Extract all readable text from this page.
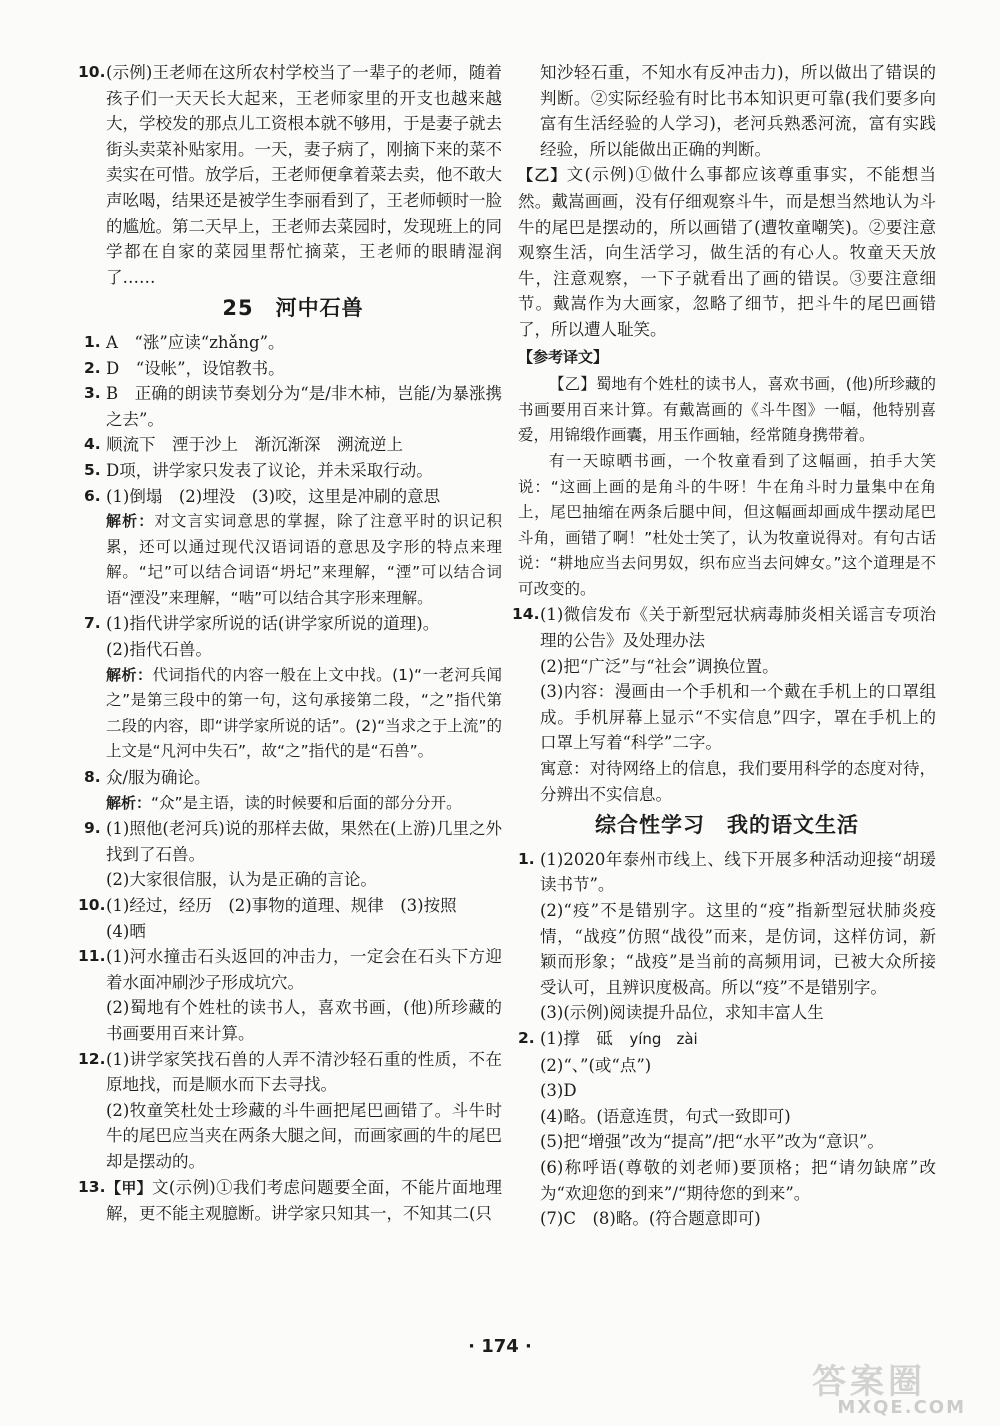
10. (示例)王老师在这所农村学校当了一辈子的老师，随着孩子们一天天长大起来，王老师家里的开支也越来越大，学校发的那点儿工资根本就不够用，于是妻子就去街头卖菜补贴家用。一天，妻子病了，刚摘下来的菜不卖实在可惜。放学后，王老师便拿着菜去卖，他不敢大声吆喝，结果还是被学生李丽看到了，王老师顿时一脸的尴尬。第二天早上，王老师去菜园时，发现班上的同学都在自家的菜园里帮忙摘菜，王老师的眼睛湿润了……

25　河中石兽

1. A　“涨”应读“zhǎng”。

2. D　“设帐”，设馆教书。

3. B　正确的朗读节奏划分为“是/非木柿，岂能/为暴涨携之去”。

4. 顺流下　湮于沙上　渐沉渐深　溯流逆上

5. D项，讲学家只发表了议论，并未采取行动。

6. (1)倒塌　(2)埋没　(3)咬，这里是冲刷的意思

解析：对文言实词意思的掌握，除了注意平时的识记积累，还可以通过现代汉语词语的意思及字形的特点来理解。“圮”可以结合词语“坍圮”来理解，“湮”可以结合词语“湮没”来理解，“啮”可以结合其字形来理解。

7. (1)指代讲学家所说的话(讲学家所说的道理)。

(2)指代石兽。

解析：代词指代的内容一般在上文中找。(1)“一老河兵闻之”是第三段中的第一句，这句承接第二段，“之”指代第二段的内容，即“讲学家所说的话”。(2)“当求之于上流”的上文是“凡河中失石”，故“之”指代的是“石兽”。

8. 众/服为确论。

解析：“众”是主语，读的时候要和后面的部分分开。

9. (1)照他(老河兵)说的那样去做，果然在(上游)几里之外找到了石兽。

(2)大家很信服，认为是正确的言论。

10. (1)经过，经历　(2)事物的道理、规律　(3)按照

(4)晒

11. (1)河水撞击石头返回的冲击力，一定会在石头下方迎着水面冲刷沙子形成坑穴。

(2)蜀地有个姓杜的读书人，喜欢书画，(他)所珍藏的书画要用百来计算。

12. (1)讲学家笑找石兽的人弄不清沙轻石重的性质，不在原地找，而是顺水而下去寻找。

(2)牧童笑杜处士珍藏的斗牛画把尾巴画错了。斗牛时牛的尾巴应当夹在两条大腿之间，而画家画的牛的尾巴却是摆动的。

13. 【甲】文(示例)①我们考虑问题要全面，不能片面地理解，更不能主观臆断。讲学家只知其一，不知其二(只

知沙轻石重，不知水有反冲击力)，所以做出了错误的判断。②实际经验有时比书本知识更可靠(我们要多向富有生活经验的人学习)，老河兵熟悉河流，富有实践经验，所以能做出正确的判断。

【乙】文(示例)①做什么事都应该尊重事实，不能想当然。戴嵩画画，没有仔细观察斗牛，而是想当然地认为斗牛的尾巴是摆动的，所以画错了(遭牧童嘲笑)。②要注意观察生活，向生活学习，做生活的有心人。牧童天天放牛，注意观察，一下子就看出了画的错误。③要注意细节。戴嵩作为大画家，忽略了细节，把斗牛的尾巴画错了，所以遭人耻笑。

【参考译文】

【乙】蜀地有个姓杜的读书人，喜欢书画，(他)所珍藏的书画要用百来计算。有戴嵩画的《斗牛图》一幅，他特别喜爱，用锦缎作画囊，用玉作画轴，经常随身携带着。

有一天晾晒书画，一个牧童看到了这幅画，拍手大笑说：“这画上画的是角斗的牛呀！牛在角斗时力量集中在角上，尾巴抽缩在两条后腿中间，但这幅画却画成牛摆动尾巴斗角，画错了啊！”杜处士笑了，认为牧童说得对。有句古话说：“耕地应当去问男奴，织布应当去问婢女。”这个道理是不可改变的。

14. (1)微信发布《关于新型冠状病毒肺炎相关谣言专项治理的公告》及处理办法

(2)把“广泛”与“社会”调换位置。

(3)内容：漫画由一个手机和一个戴在手机上的口罩组成。手机屏幕上显示“不实信息”四字，罩在手机上的口罩上写着“科学”二字。

寓意：对待网络上的信息，我们要用科学的态度对待，分辨出不实信息。

综合性学习　我的语文生活

1. (1)2020年泰州市线上、线下开展多种活动迎接“胡瑗读书节”。

(2)“疫”不是错别字。这里的“疫”指新型冠状肺炎疫情，“战疫”仿照“战役”而来，是仿词，这样仿词，新颖而形象；“战疫”是当前的高频用词，已被大众所接受认可，且辨识度极高。所以“疫”不是错别字。

(3)(示例)阅读提升品位，求知丰富人生

2. (1)撑　砥　yíng　zài

(2)“、”(或“点”)

(3)D

(4)略。(语意连贯，句式一致即可)

(5)把“增强”改为“提高”/把“水平”改为“意识”。

(6)称呼语(尊敬的刘老师)要顶格；把“请勿缺席”改为“欢迎您的到来”/“期待您的到来”。

(7)C　(8)略。(符合题意即可)

· 174 ·
答案圈
MXQE.COM
